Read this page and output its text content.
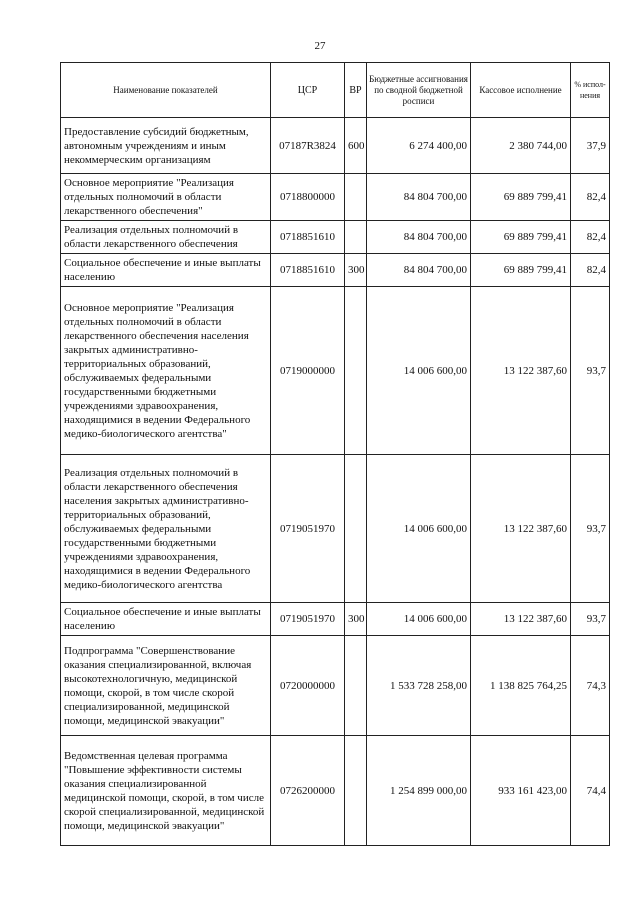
27
Наименование показателей	ЦСР	ВР	Бюджетные ассигнования по сводной бюджетной росписи	Кассовое исполнение	% испол-нения
Предоставление субсидий бюджетным, автономным учреждениям и иным некоммерческим организациям	07187R3824	600	6 274 400,00	2 380 744,00	37,9
Основное мероприятие "Реализация отдельных полномочий в области лекарственного обеспечения"	0718800000		84 804 700,00	69 889 799,41	82,4
Реализация отдельных полномочий в области лекарственного обеспечения	0718851610		84 804 700,00	69 889 799,41	82,4
Социальное обеспечение и иные выплаты населению	0718851610	300	84 804 700,00	69 889 799,41	82,4
Основное мероприятие "Реализация отдельных полномочий в области лекарственного обеспечения населения закрытых административно-территориальных образований, обслуживаемых федеральными государственными бюджетными учреждениями здравоохранения, находящимися в ведении Федерального медико-биологического агентства"	0719000000		14 006 600,00	13 122 387,60	93,7
Реализация отдельных полномочий в области лекарственного обеспечения населения закрытых административно-территориальных образований, обслуживаемых федеральными государственными бюджетными учреждениями здравоохранения, находящимися в ведении Федерального медико-биологического агентства	0719051970		14 006 600,00	13 122 387,60	93,7
Социальное обеспечение и иные выплаты населению	0719051970	300	14 006 600,00	13 122 387,60	93,7
Подпрограмма "Совершенствование оказания специализированной, включая высокотехнологичную, медицинской помощи, скорой, в том числе скорой специализированной, медицинской помощи, медицинской эвакуации"	0720000000		1 533 728 258,00	1 138 825 764,25	74,3
Ведомственная целевая программа "Повышение эффективности системы оказания специализированной медицинской помощи, скорой, в том числе скорой специализированной, медицинской помощи, медицинской эвакуации"	0726200000		1 254 899 000,00	933 161 423,00	74,4
